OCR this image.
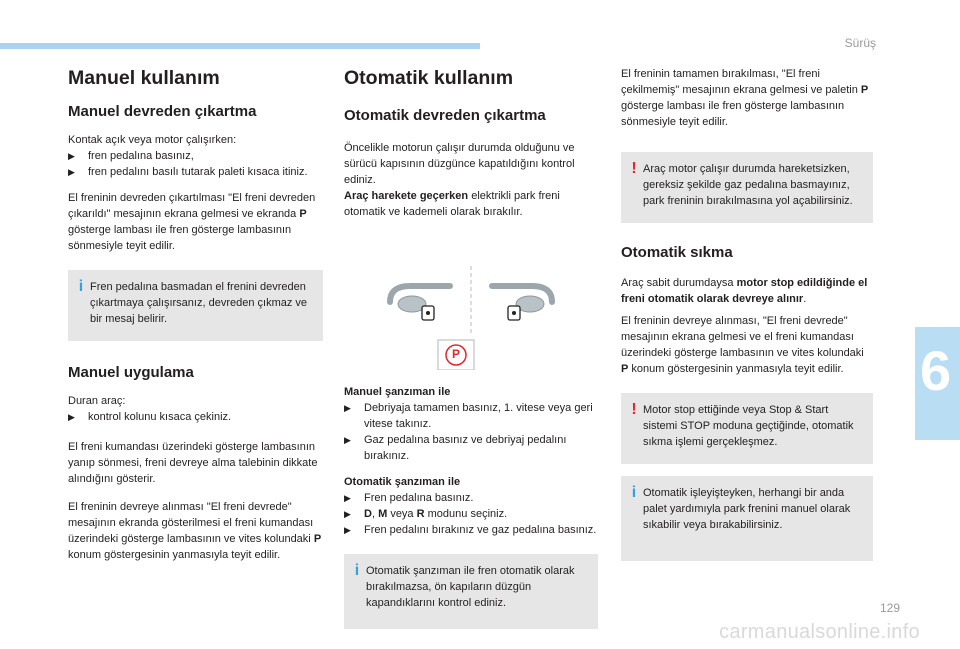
Sürüş
6
Manuel kullanım
Manuel devreden çıkartma

Kontak açık veya motor çalışırken:

▶ fren pedalına basınız,
▶ fren pedalını basılı tutarak paleti kısaca itiniz.

El freninin devreden çıkartılması "El freni devreden çıkarıldı" mesajının ekrana gelmesi ve ekranda P gösterge lambası ile fren gösterge lambasının sönmesiyle teyit edilir.

i Fren pedalına basmadan el frenini devreden çıkartmaya çalışırsanız, devreden çıkmaz ve bir mesaj belirir.

Manuel uygulama

Duran araç:

▶ kontrol kolunu kısaca çekiniz.

El freni kumandası üzerindeki gösterge lambasının yanıp sönmesi, freni devreye alma talebinin dikkate alındığını gösterir.

El freninin devreye alınması "El freni devrede" mesajının ekranda gösterilmesi el freni kumandası üzerindeki gösterge lambasının ve vites kolundaki P konum göstergesinin yanmasıyla teyit edilir.

Otomatik kullanım
Otomatik devreden çıkartma

Öncelikle motorun çalışır durumda olduğunu ve sürücü kapısının düzgünce kapatıldığını kontrol ediniz.

Araç harekete geçerken elektrikli park freni otomatik ve kademeli olarak bırakılır.

P

Manuel şanzıman ile

▶ Debriyaja tamamen basınız, 1. vitese veya geri vitese takınız.
▶ Gaz pedalına basınız ve debriyaj pedalını bırakınız.

Otomatik şanzıman ile

▶ Fren pedalına basınız.
▶ D, M veya R modunu seçiniz.
▶ Fren pedalını bırakınız ve gaz pedalına basınız.
i Otomatik şanzıman ile fren otomatik olarak bırakılmazsa, ön kapıların düzgün kapandıklarını kontrol ediniz.

El freninin tamamen bırakılması, "El freni çekilmemiş" mesajının ekrana gelmesi ve paletin P gösterge lambası ile fren gösterge lambasının sönmesiyle teyit edilir.

! Araç motor çalışır durumda hareketsizken, gereksiz şekilde gaz pedalına basmayınız, park freninin bırakılmasına yol açabilirsiniz.

Otomatik sıkma

Araç sabit durumdaysa motor stop edildiğinde el freni otomatik olarak devreye alınır.

El freninin devreye alınması, "El freni devrede" mesajının ekrana gelmesi ve el freni kumandası üzerindeki gösterge lambasının ve vites kolundaki P konum göstergesinin yanmasıyla teyit edilir.

! Motor stop ettiğinde veya Stop & Start sistemi STOP moduna geçtiğinde, otomatik sıkma işlemi gerçekleşmez.

i Otomatik işleyişteyken, herhangi bir anda palet yardımıyla park frenini manuel olarak sıkabilir veya bırakabilirsiniz.

129
carmanualsonline.info
